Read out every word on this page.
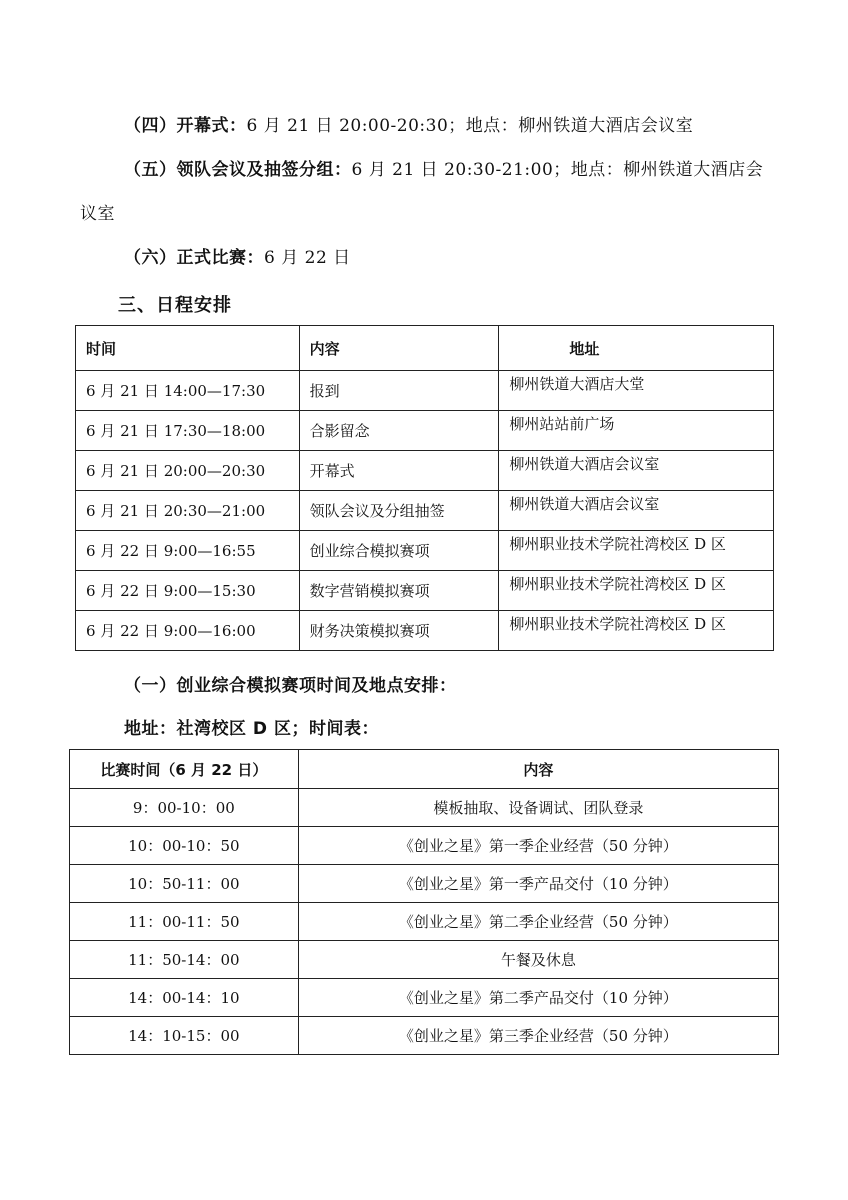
（四）开幕式：6 月 21 日 20:00-20:30；地点：柳州铁道大酒店会议室
（五）领队会议及抽签分组：6 月 21 日 20:30-21:00；地点：柳州铁道大酒店会议室
（六）正式比赛：6 月 22 日
三、日程安排
时间	内容	地址
6 月 21 日 14:00—17:30	报到	柳州铁道大酒店大堂
6 月 21 日 17:30—18:00	合影留念	柳州站站前广场
6 月 21 日 20:00—20:30	开幕式	柳州铁道大酒店会议室
6 月 21 日 20:30—21:00	领队会议及分组抽签	柳州铁道大酒店会议室
6 月 22 日 9:00—16:55	创业综合模拟赛项	柳州职业技术学院社湾校区 D 区
6 月 22 日 9:00—15:30	数字营销模拟赛项	柳州职业技术学院社湾校区 D 区
6 月 22 日 9:00—16:00	财务决策模拟赛项	柳州职业技术学院社湾校区 D 区
（一）创业综合模拟赛项时间及地点安排：
地址：社湾校区 D 区；时间表：
比赛时间（6 月 22 日）	内容
9：00-10：00	模板抽取、设备调试、团队登录
10：00-10：50	《创业之星》第一季企业经营（50 分钟）
10：50-11：00	《创业之星》第一季产品交付（10 分钟）
11：00-11：50	《创业之星》第二季企业经营（50 分钟）
11：50-14：00	午餐及休息
14：00-14：10	《创业之星》第二季产品交付（10 分钟）
14：10-15：00	《创业之星》第三季企业经营（50 分钟）
